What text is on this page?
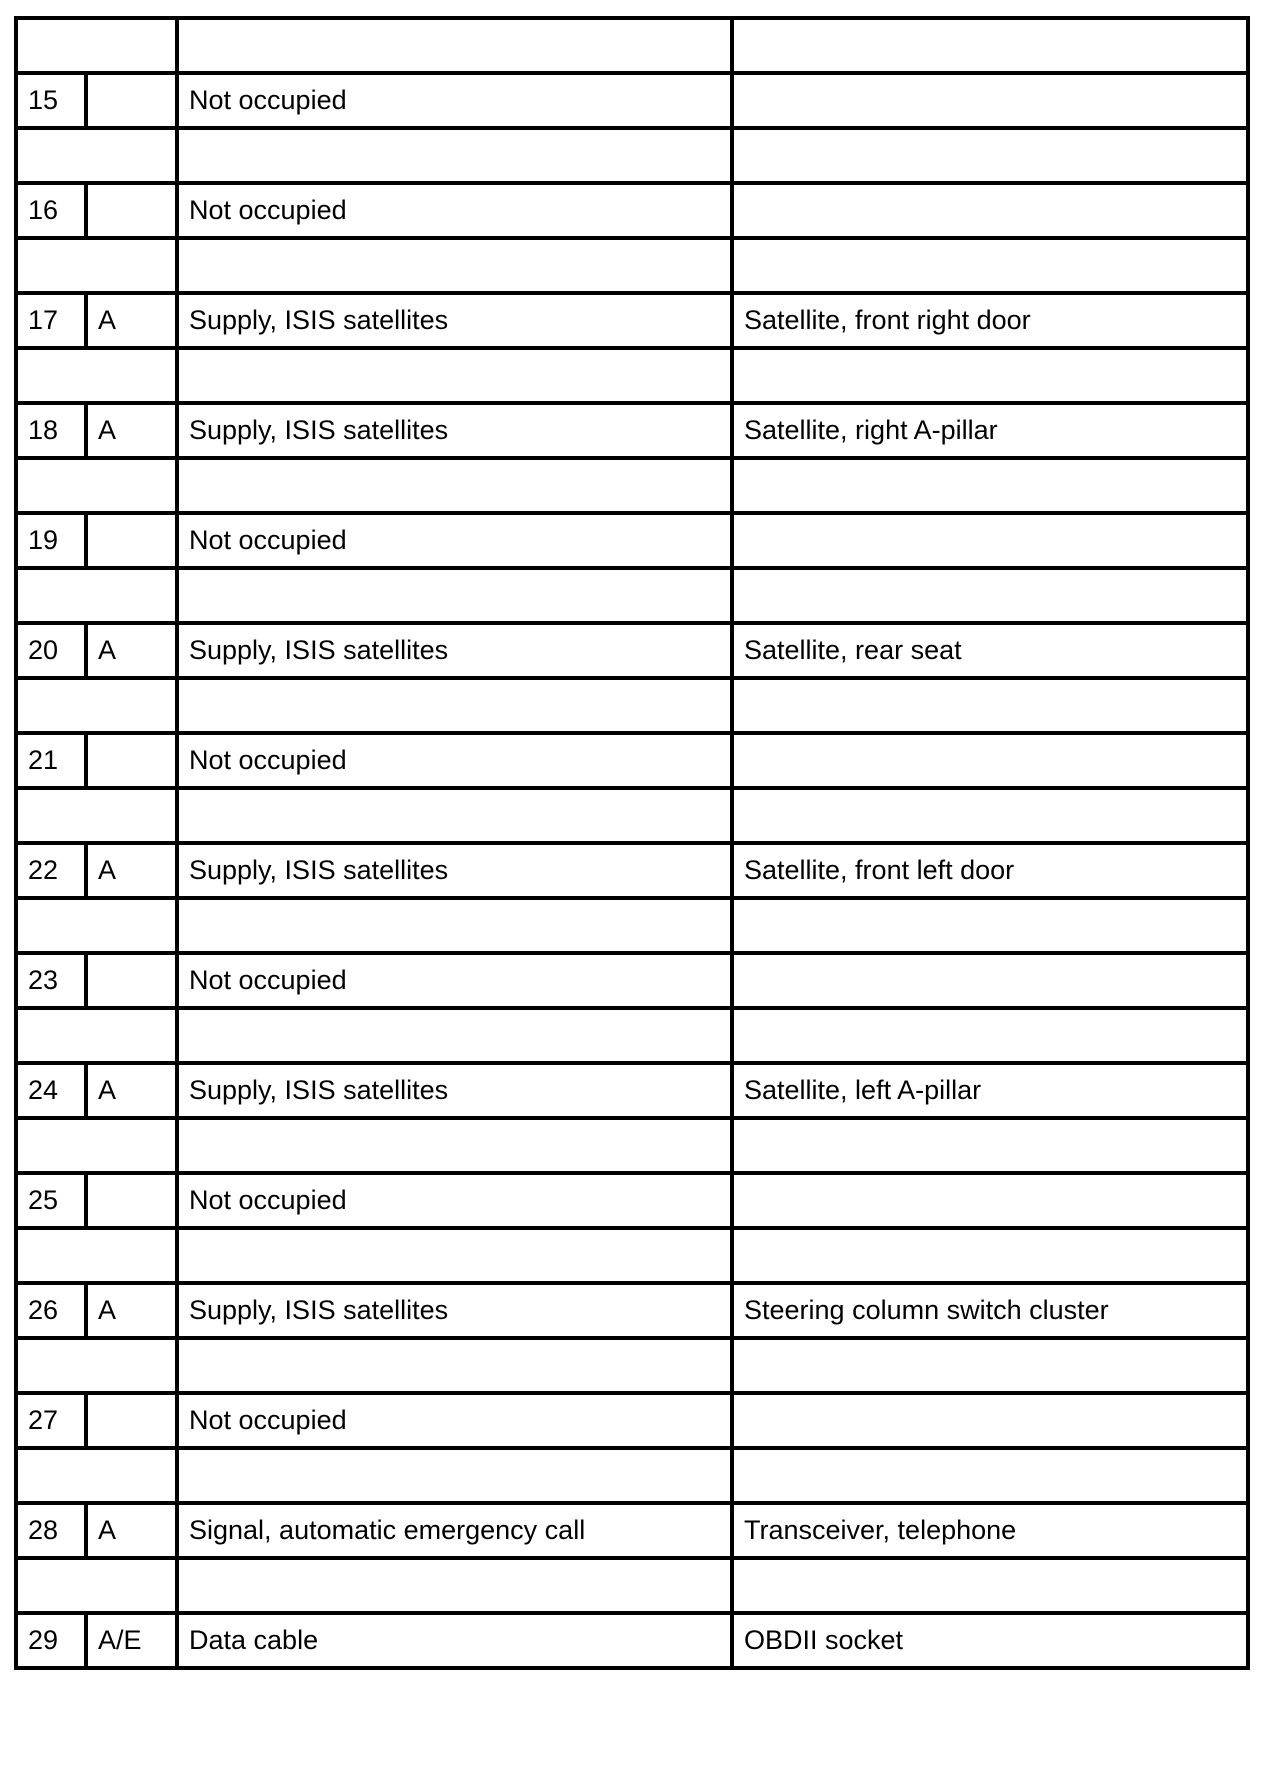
15		Not occupied	

16		Not occupied	

17	A	Supply, ISIS satellites	Satellite, front right door

18	A	Supply, ISIS satellites	Satellite, right A-pillar

19		Not occupied	

20	A	Supply, ISIS satellites	Satellite, rear seat

21		Not occupied	

22	A	Supply, ISIS satellites	Satellite, front left door

23		Not occupied	

24	A	Supply, ISIS satellites	Satellite, left A-pillar

25		Not occupied	

26	A	Supply, ISIS satellites	Steering column switch cluster

27		Not occupied	

28	A	Signal, automatic emergency call	Transceiver, telephone

29	A/E	Data cable	OBDII socket
